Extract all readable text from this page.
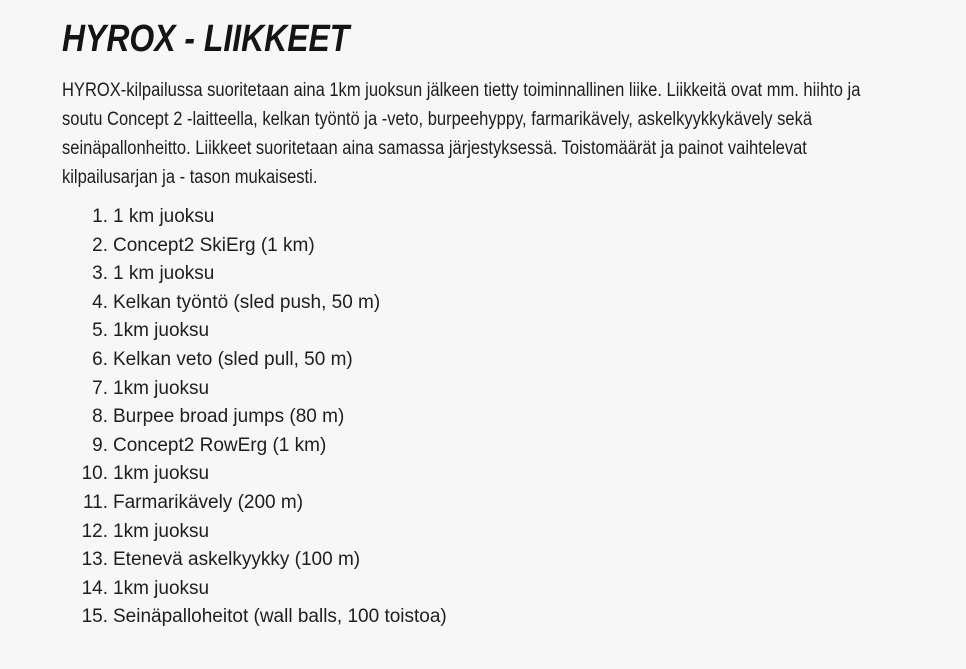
HYROX - LIIKKEET
HYROX-kilpailussa suoritetaan aina 1km juoksun jälkeen tietty toiminnallinen liike. Liikkeitä ovat mm. hiihto ja
soutu Concept 2 -laitteella, kelkan työntö ja -veto, burpeehyppy, farmarikävely, askelkyykkykävely sekä
seinäpallonheitto. Liikkeet suoritetaan aina samassa järjestyksessä. Toistomäärät ja painot vaihtelevat
kilpailusarjan ja - tason mukaisesti.
1. 1 km juoksu
2. Concept2 SkiErg (1 km)
3. 1 km juoksu
4. Kelkan työntö (sled push, 50 m)
5. 1km juoksu
6. Kelkan veto (sled pull, 50 m)
7. 1km juoksu
8. Burpee broad jumps (80 m)
9. Concept2 RowErg (1 km)
10. 1km juoksu
11. Farmarikävely (200 m)
12. 1km juoksu
13. Etenevä askelkyykky (100 m)
14. 1km juoksu
15. Seinäpalloheitot (wall balls, 100 toistoa)
